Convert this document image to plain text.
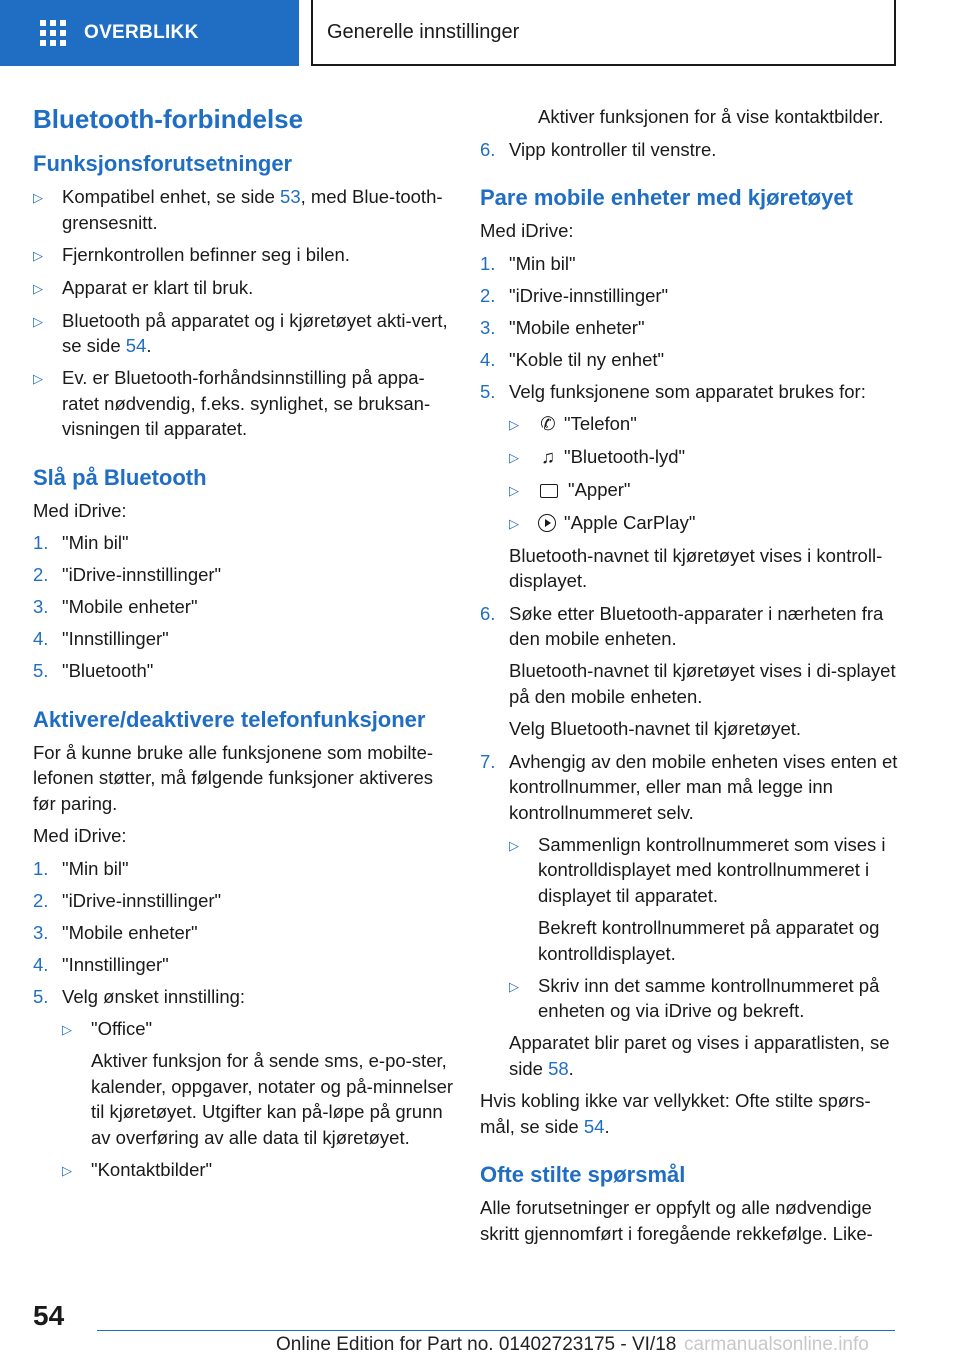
OVERBLIKK	Generelle innstillinger
Bluetooth-forbindelse
Funksjonsforutsetninger
▷	Kompatibel enhet, se side 53, med Blue-tooth-grensesnitt.
▷	Fjernkontrollen befinner seg i bilen.
▷	Apparat er klart til bruk.
▷	Bluetooth på apparatet og i kjøretøyet akti-vert, se side 54.
▷	Ev. er Bluetooth-forhåndsinnstilling på appa-ratet nødvendig, f.eks. synlighet, se bruksan-visningen til apparatet.
Slå på Bluetooth

Med iDrive:

1. "Min bil"
2. "iDrive-innstillinger"
3. "Mobile enheter"
4. "Innstillinger"
5. "Bluetooth"
Aktivere/deaktivere telefonfunksjoner

For å kunne bruke alle funksjonene som mobilte-lefonen støtter, må følgende funksjoner aktiveres før paring.

Med iDrive:

1. "Min bil"
2. "iDrive-innstillinger"
3. "Mobile enheter"
4. "Innstillinger"
5. Velg ønsket innstilling:
▷	"Office"

Aktiver funksjon for å sende sms, e-po-ster, kalender, oppgaver, notater og på-minnelser til kjøretøyet. Utgifter kan på-løpe på grunn av overføring av alle data til kjøretøyet.
▷	"Kontaktbilder"

Aktiver funksjonen for å vise kontaktbilder.

6. Vipp kontroller til venstre.
Pare mobile enheter med kjøretøyet

Med iDrive:

1. "Min bil"
2. "iDrive-innstillinger"
3. "Mobile enheter"
4. "Koble til ny enhet"
5. Velg funksjonene som apparatet brukes for:
▷	✆ "Telefon"
▷	♫ "Bluetooth-lyd"
▷	"Apper"
▷	"Apple CarPlay"

Bluetooth-navnet til kjøretøyet vises i kontroll-displayet.

6. Søke etter Bluetooth-apparater i nærheten fra den mobile enheten.

Bluetooth-navnet til kjøretøyet vises i di-splayet på den mobile enheten.

Velg Bluetooth-navnet til kjøretøyet.

7. Avhengig av den mobile enheten vises enten et kontrollnummer, eller man må legge inn kontrollnummeret selv.
▷	Sammenlign kontrollnummeret som vises i kontrolldisplayet med kontrollnummeret i displayet til apparatet.
Bekreft kontrollnummeret på apparatet og kontrolldisplayet.
▷	Skriv inn det samme kontrollnummeret på enheten og via iDrive og bekreft.

Apparatet blir paret og vises i apparatlisten, se side 58.

Hvis kobling ikke var vellykket: Ofte stilte spørs-mål, se side 54.

Ofte stilte spørsmål

Alle forutsetninger er oppfylt og alle nødvendige skritt gjennomført i foregående rekkefølge. Like-

54
Online Edition for Part no. 01402723175 - VI/18 carmanualsonline.info
